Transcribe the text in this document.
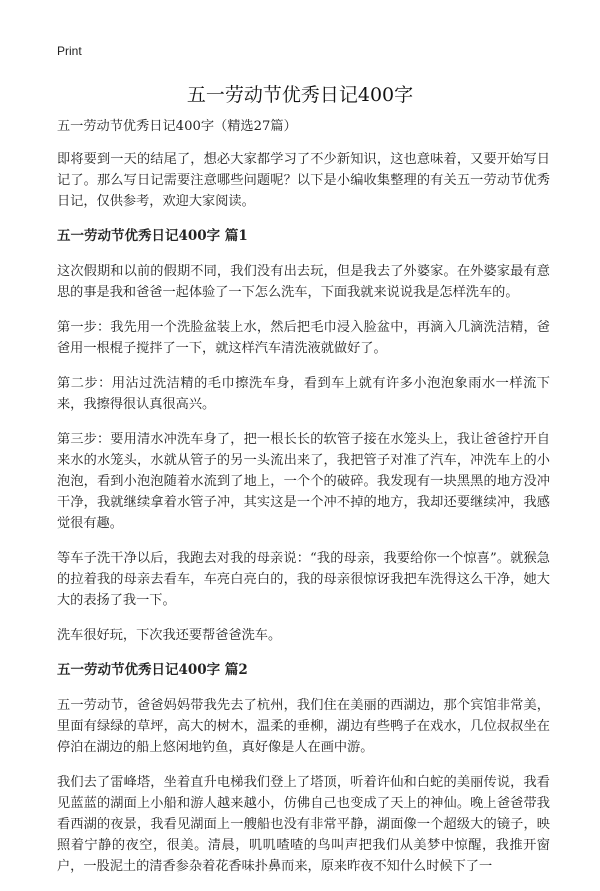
Print
五一劳动节优秀日记400字

五一劳动节优秀日记400字（精选27篇）

即将要到一天的结尾了，想必大家都学习了不少新知识，这也意味着，又要开始写日记了。那么写日记需要注意哪些问题呢？以下是小编收集整理的有关五一劳动节优秀日记，仅供参考，欢迎大家阅读。

五一劳动节优秀日记400字 篇1

这次假期和以前的假期不同，我们没有出去玩，但是我去了外婆家。在外婆家最有意思的事是我和爸爸一起体验了一下怎么洗车，下面我就来说说我是怎样洗车的。

第一步：我先用一个洗脸盆装上水，然后把毛巾浸入脸盆中，再滴入几滴洗洁精，爸爸用一根棍子搅拌了一下，就这样汽车清洗液就做好了。

第二步：用沾过洗洁精的毛巾擦洗车身，看到车上就有许多小泡泡象雨水一样流下来，我擦得很认真很高兴。

第三步：要用清水冲洗车身了，把一根长长的软管子接在水笼头上，我让爸爸拧开自来水的水笼头，水就从管子的另一头流出来了，我把管子对准了汽车，冲洗车上的小泡泡，看到小泡泡随着水流到了地上，一个个的破碎。我发现有一块黑黑的地方没冲干净，我就继续拿着水管子冲，其实这是一个冲不掉的地方，我却还要继续冲，我感觉很有趣。

等车子洗干净以后，我跑去对我的母亲说：“我的母亲，我要给你一个惊喜”。就猴急的拉着我的母亲去看车，车亮白亮白的，我的母亲很惊讶我把车洗得这么干净，她大大的表扬了我一下。

洗车很好玩，下次我还要帮爸爸洗车。

五一劳动节优秀日记400字 篇2

五一劳动节，爸爸妈妈带我先去了杭州，我们住在美丽的西湖边，那个宾馆非常美，里面有绿绿的草坪，高大的树木，温柔的垂柳，湖边有些鸭子在戏水，几位叔叔坐在停泊在湖边的船上悠闲地钓鱼，真好像是人在画中游。

我们去了雷峰塔，坐着直升电梯我们登上了塔顶，听着许仙和白蛇的美丽传说，我看见蓝蓝的湖面上小船和游人越来越小，仿佛自己也变成了天上的神仙。晚上爸爸带我看西湖的夜景，我看见湖面上一艘船也没有非常平静，湖面像一个超级大的镜子，映照着宁静的夜空，很美。清晨，叽叽喳喳的鸟叫声把我们从美梦中惊醒，我推开窗户，一股泥土的清香参杂着花香味扑鼻而来，原来昨夜不知什么时候下了一
